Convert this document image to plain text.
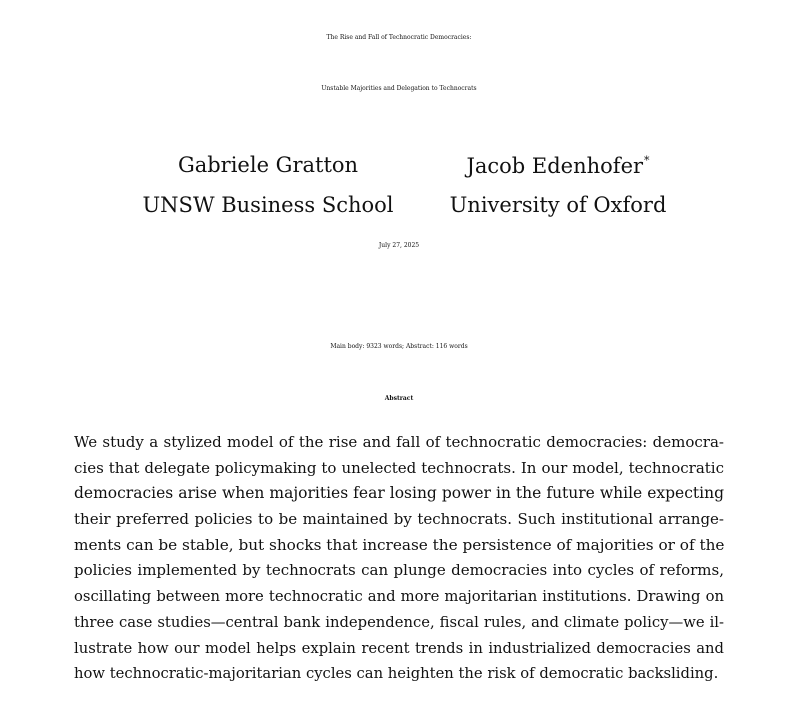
The Rise and Fall of Technocratic Democracies:
Unstable Majorities and Delegation to Technocrats
Gabriele Gratton	Jacob Edenhofer*
UNSW Business School	University of Oxford
July 27, 2025
Main body: 9323 words; Abstract: 116 words
Abstract
We study a stylized model of the rise and fall of technocratic democracies: democra-
cies that delegate policymaking to unelected technocrats. In our model, technocratic
democracies arise when majorities fear losing power in the future while expecting
their preferred policies to be maintained by technocrats. Such institutional arrange-
ments can be stable, but shocks that increase the persistence of majorities or of the
policies implemented by technocrats can plunge democracies into cycles of reforms,
oscillating between more technocratic and more majoritarian institutions. Drawing on
three case studies—central bank independence, fiscal rules, and climate policy—we il-
lustrate how our model helps explain recent trends in industrialized democracies and
how technocratic-majoritarian cycles can heighten the risk of democratic backsliding.
